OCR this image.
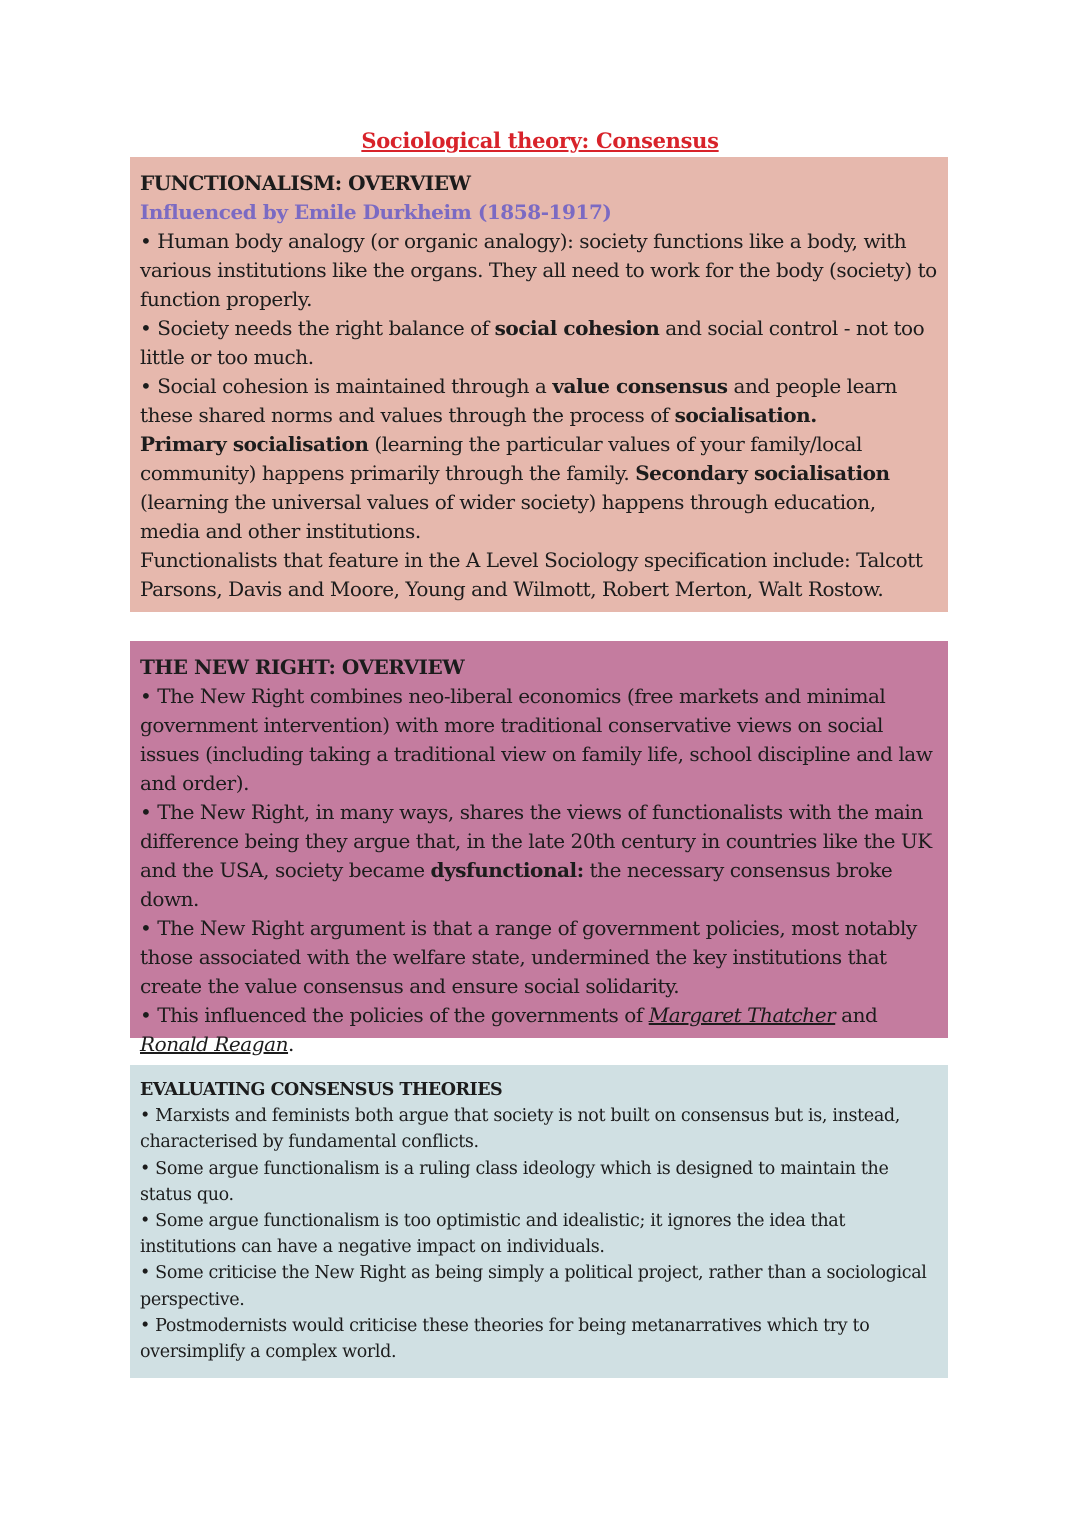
Sociological theory: Consensus

FUNCTIONALISM: OVERVIEW

Influenced by Emile Durkheim (1858-1917)

• Human body analogy (or organic analogy): society functions like a body, with various institutions like the organs. They all need to work for the body (society) to function properly.

• Society needs the right balance of social cohesion and social control - not too little or too much.

• Social cohesion is maintained through a value consensus and people learn these shared norms and values through the process of socialisation.

Primary socialisation (learning the particular values of your family/local community) happens primarily through the family. Secondary socialisation (learning the universal values of wider society) happens through education, media and other institutions.

Functionalists that feature in the A Level Sociology specification include: Talcott Parsons, Davis and Moore, Young and Wilmott, Robert Merton, Walt Rostow.

THE NEW RIGHT: OVERVIEW

• The New Right combines neo-liberal economics (free markets and minimal government intervention) with more traditional conservative views on social issues (including taking a traditional view on family life, school discipline and law and order).

• The New Right, in many ways, shares the views of functionalists with the main difference being they argue that, in the late 20th century in countries like the UK and the USA, society became dysfunctional: the necessary consensus broke down.

• The New Right argument is that a range of government policies, most notably those associated with the welfare state, undermined the key institutions that create the value consensus and ensure social solidarity.

• This influenced the policies of the governments of Margaret Thatcher and Ronald Reagan.

EVALUATING CONSENSUS THEORIES

• Marxists and feminists both argue that society is not built on consensus but is, instead, characterised by fundamental conflicts.

• Some argue functionalism is a ruling class ideology which is designed to maintain the status quo.

• Some argue functionalism is too optimistic and idealistic; it ignores the idea that institutions can have a negative impact on individuals.

• Some criticise the New Right as being simply a political project, rather than a sociological perspective.

• Postmodernists would criticise these theories for being metanarratives which try to oversimplify a complex world.
